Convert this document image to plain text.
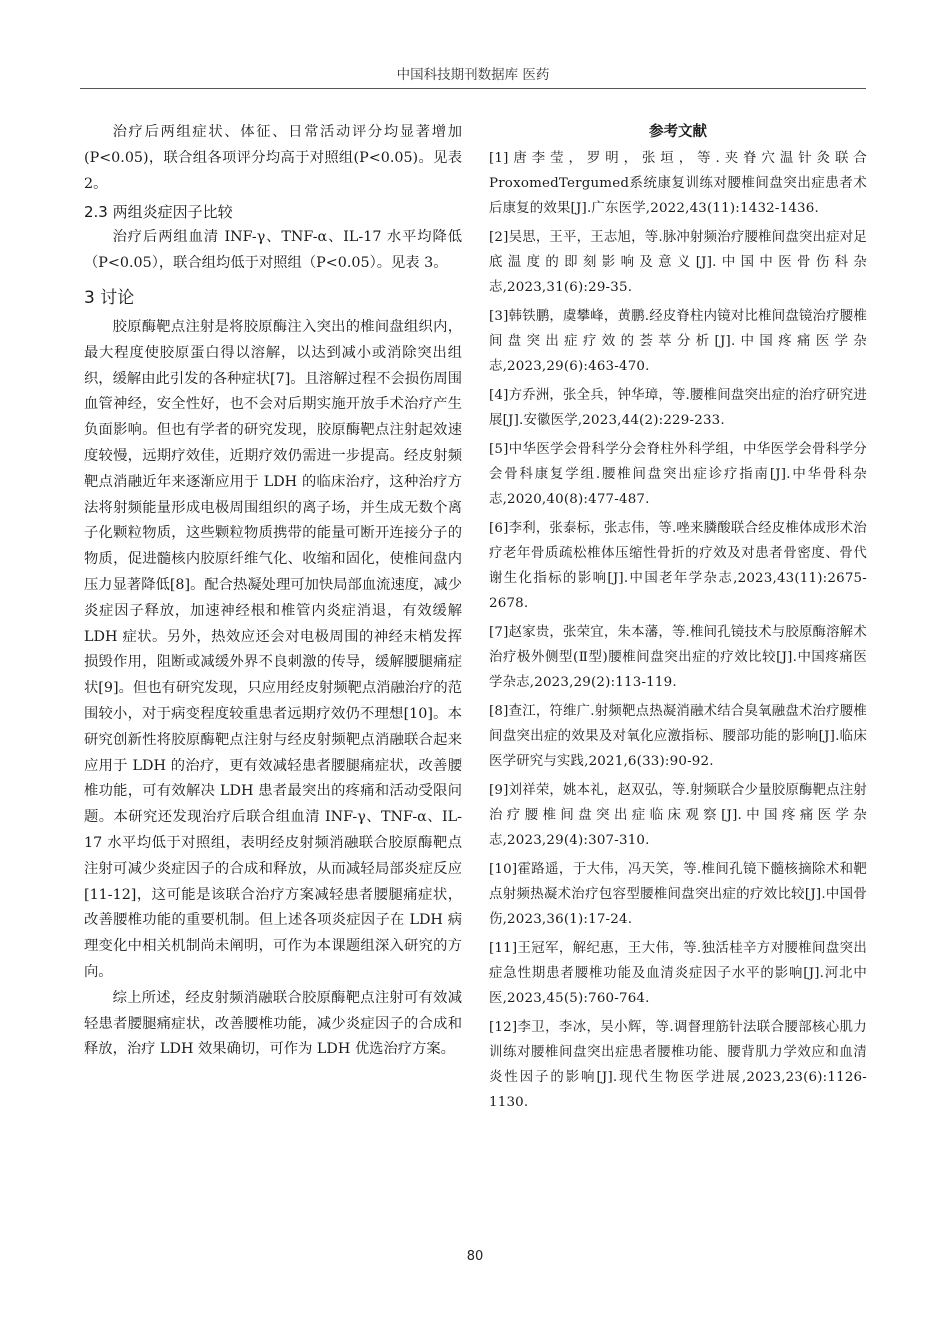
中国科技期刊数据库 医药

治疗后两组症状、体征、日常活动评分均显著增加(P<0.05)，联合组各项评分均高于对照组(P<0.05)。见表 2。

2.3 两组炎症因子比较

治疗后两组血清 INF-γ、TNF-α、IL-17 水平均降低（P<0.05），联合组均低于对照组（P<0.05）。见表 3。

3 讨论

胶原酶靶点注射是将胶原酶注入突出的椎间盘组织内，最大程度使胶原蛋白得以溶解，以达到减小或消除突出组织，缓解由此引发的各种症状[7]。且溶解过程不会损伤周围血管神经，安全性好，也不会对后期实施开放手术治疗产生负面影响。但也有学者的研究发现，胶原酶靶点注射起效速度较慢，远期疗效佳，近期疗效仍需进一步提高。经皮射频靶点消融近年来逐渐应用于 LDH 的临床治疗，这种治疗方法将射频能量形成电极周围组织的离子场，并生成无数个离子化颗粒物质，这些颗粒物质携带的能量可断开连接分子的物质，促进髓核内胶原纤维气化、收缩和固化，使椎间盘内压力显著降低[8]。配合热凝处理可加快局部血流速度，减少炎症因子释放，加速神经根和椎管内炎症消退，有效缓解 LDH 症状。另外，热效应还会对电极周围的神经末梢发挥损毁作用，阻断或减缓外界不良刺激的传导，缓解腰腿痛症状[9]。但也有研究发现，只应用经皮射频靶点消融治疗的范围较小，对于病变程度较重患者远期疗效仍不理想[10]。本研究创新性将胶原酶靶点注射与经皮射频靶点消融联合起来应用于 LDH 的治疗，更有效减轻患者腰腿痛症状，改善腰椎功能，可有效解决 LDH 患者最突出的疼痛和活动受限问题。本研究还发现治疗后联合组血清 INF-γ、TNF-α、IL-17 水平均低于对照组，表明经皮射频消融联合胶原酶靶点注射可减少炎症因子的合成和释放，从而减轻局部炎症反应[11-12]，这可能是该联合治疗方案减轻患者腰腿痛症状，改善腰椎功能的重要机制。但上述各项炎症因子在 LDH 病理变化中相关机制尚未阐明，可作为本课题组深入研究的方向。

综上所述，经皮射频消融联合胶原酶靶点注射可有效减轻患者腰腿痛症状，改善腰椎功能，减少炎症因子的合成和释放，治疗 LDH 效果确切，可作为 LDH 优选治疗方案。

参考文献

[1]唐李莹，罗明，张垣，等.夹脊穴温针灸联合ProxomedTergumed系统康复训练对腰椎间盘突出症患者术后康复的效果[J].广东医学,2022,43(11):1432-1436.

[2]吴思，王平，王志旭，等.脉冲射频治疗腰椎间盘突出症对足底温度的即刻影响及意义[J].中国中医骨伤科杂志,2023,31(6):29-35.

[3]韩铁鹏，虞攀峰，黄鹏.经皮脊柱内镜对比椎间盘镜治疗腰椎间盘突出症疗效的荟萃分析[J].中国疼痛医学杂志,2023,29(6):463-470.

[4]方乔洲，张全兵，钟华璋，等.腰椎间盘突出症的治疗研究进展[J].安徽医学,2023,44(2):229-233.

[5]中华医学会骨科学分会脊柱外科学组，中华医学会骨科学分会骨科康复学组.腰椎间盘突出症诊疗指南[J].中华骨科杂志,2020,40(8):477-487.

[6]李利，张泰标，张志伟，等.唑来膦酸联合经皮椎体成形术治疗老年骨质疏松椎体压缩性骨折的疗效及对患者骨密度、骨代谢生化指标的影响[J].中国老年学杂志,2023,43(11):2675-2678.

[7]赵家贵，张荣宜，朱本藩，等.椎间孔镜技术与胶原酶溶解术治疗极外侧型(Ⅱ型)腰椎间盘突出症的疗效比较[J].中国疼痛医学杂志,2023,29(2):113-119.

[8]查江，符维广.射频靶点热凝消融术结合臭氧融盘术治疗腰椎间盘突出症的效果及对氧化应激指标、腰部功能的影响[J].临床医学研究与实践,2021,6(33):90-92.

[9]刘祥荣，姚本礼，赵双弘，等.射频联合少量胶原酶靶点注射治疗腰椎间盘突出症临床观察[J].中国疼痛医学杂志,2023,29(4):307-310.

[10]霍路遥，于大伟，冯天笑，等.椎间孔镜下髓核摘除术和靶点射频热凝术治疗包容型腰椎间盘突出症的疗效比较[J].中国骨伤,2023,36(1):17-24.

[11]王冠军，解纪惠，王大伟，等.独活桂辛方对腰椎间盘突出症急性期患者腰椎功能及血清炎症因子水平的影响[J].河北中医,2023,45(5):760-764.

[12]李卫，李冰，吴小辉，等.调督理筋针法联合腰部核心肌力训练对腰椎间盘突出症患者腰椎功能、腰背肌力学效应和血清炎性因子的影响[J].现代生物医学进展,2023,23(6):1126-1130.

80
